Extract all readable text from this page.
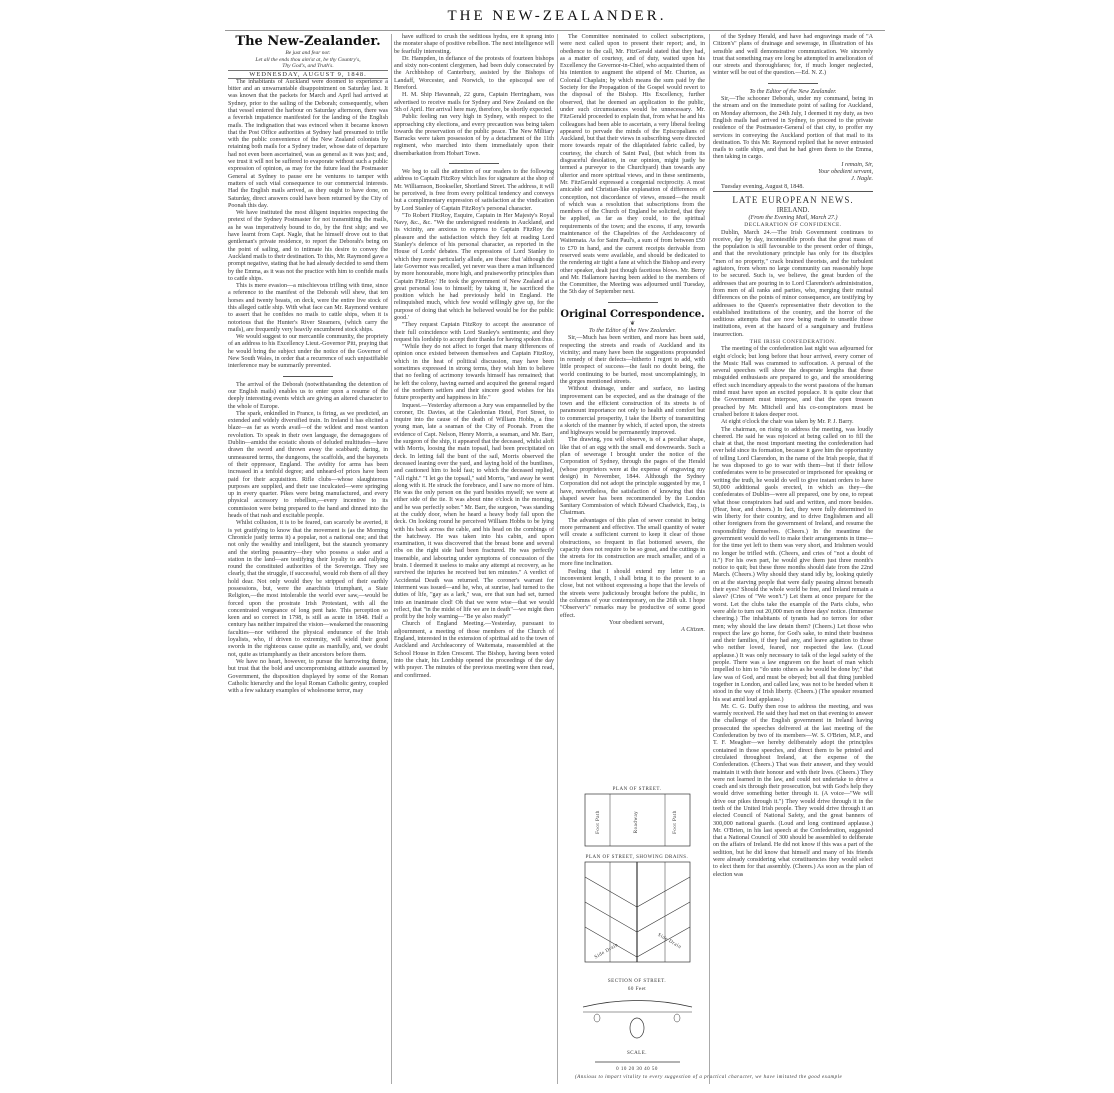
THE NEW-ZEALANDER.

The New-Zealander.

Be just and fear not:
Let all the ends thou aim'st at, be thy Country's,
Thy God's, and Truth's.

WEDNESDAY, AUGUST 9, 1848.

The inhabitants of Auckland were doomed to experience a bitter and an unwarrantable disappointment on Saturday last. It was known that the packets for March and April had arrived at Sydney, prior to the sailing of the Deborah; consequently, when that vessel entered the harbour on Saturday afternoon, there was a feverish impatience manifested for the landing of the English mails. The indignation that was evinced when it became known that the Post Office authorities at Sydney had presumed to trifle with the public convenience of the New Zealand colonists by retaining both mails for a Sydney trader, whose date of departure had not even been ascertained, was as general as it was just; and, we trust it will not be suffered to evaporate without such a public expression of opinion, as may for the future lead the Postmaster General at Sydney to pause ere he ventures to tamper with matters of such vital consequence to our commercial interests. Had the English mails arrived, as they ought to have done, on Saturday, direct answers could have been returned by the City of Poonah this day.

We have instituted the most diligent inquiries respecting the pretext of the Sydney Postmaster for not transmitting the mails, as he was imperatively bound to do, by the first ship; and we have learnt from Capt. Nagle, that he himself drove out to that gentleman's private residence, to report the Deborah's being on the point of sailing, and to intimate his desire to convey the Auckland mails to their destination. To this, Mr. Raymond gave a prompt negative, stating that he had already decided to send them by the Emma, as it was not the practice with him to confide mails to cattle ships.

This is mere evasion—a mischievous trifling with time, since a reference to the manifest of the Deborah will shew, that ten horses and twenty beasts, on deck, were the entire live stock of this alleged cattle ship. With what face can Mr. Raymond venture to assert that he confides no mails to cattle ships, when it is notorious that the Hunter's River Steamers, (which carry the mails), are frequently very heavily encumbered stock ships.

We would suggest to our mercantile community, the propriety of an address to his Excellency Lieut.-Governor Pitt, praying that he would bring the subject under the notice of the Governor of New South Wales, in order that a recurrence of such unjustifiable interference may be summarily prevented.

The arrival of the Deborah (notwithstanding the detention of our English mails) enables us to enter upon a resume of the deeply interesting events which are giving an altered character to the whole of Europe.

The spark, enkindled in France, is firing, as we predicted, an extended and widely diversified train. In Ireland it has elicited a blaze—as far as words avail—of the wildest and most wanton revolution. To speak in their own language, the demagogues of Dublin—amidst the ecstatic shouts of deluded multitudes—have drawn the sword and thrown away the scabbard; daring, in unmeasured terms, the dungeons, the scaffolds, and the bayonets of their oppressor, England. The avidity for arms has been increased in a tenfold degree; and unheard-of prices have been paid for their acquisition. Rifle clubs—whose slaughterous purposes are supplied, and their use inculcated—were springing up in every quarter. Pikes were being manufactured, and every physical accessory to rebellion,—every incentive to its commission were being prepared to the hand and dinned into the heads of that rash and excitable people.

Whilst collusion, it is to be feared, can scarcely be averted, it is yet gratifying to know that the movement is (as the Morning Chronicle justly terms it) a popular, not a national one; and that not only the wealthy and intelligent, but the staunch yeomanry and the sterling peasantry—they who possess a stake and a station in the land—are testifying their loyalty to and rallying round the constituted authorities of the Sovereign. They see clearly, that the struggle, if successful, would rob them of all they hold dear. Not only would they be stripped of their earthly possessions, but, were the anarchists triumphant, a State Religion,—the most intolerable the world ever saw,—would be forced upon the prostrate Irish Protestant, with all the concentrated vengeance of long pent hate. This perception so keen and so correct in 1798, is still as acute in 1848. Half a century has neither impaired the vision—weakened the reasoning faculties—nor withered the physical endurance of the Irish loyalists, who, if driven to extremity, will wield their good swords in the righteous cause quite as manfully, and, we doubt not, quite as triumphantly as their ancestors before them.

We have no heart, however, to pursue the harrowing theme, but trust that the bold and uncompromising attitude assumed by Government, the disposition displayed by some of the Roman Catholic hierarchy and the loyal Roman Catholic gentry, coupled with a few salutary examples of wholesome terror, may

have sufficed to crush the seditious hydra, ere it sprang into the monster shape of positive rebellion. The next intelligence will be fearfully interesting.

Dr. Hampden, in defiance of the protests of fourteen bishops and sixty non-content clergymen, had been duly consecrated by the Archbishop of Canterbury, assisted by the Bishops of Landaff, Worcester, and Norwich, to the episcopal see of Hereford.

H. M. Ship Havannah, 22 guns, Captain Herringham, was advertised to receive mails for Sydney and New Zealand on the 5th of April. Her arrival here may, therefore, be shortly expected.

Public feeling ran very high in Sydney, with respect to the approaching city elections, and every precaution was being taken towards the preservation of the public peace. The New Military Barracks were taken possession of by a detachment of the 11th regiment, who marched into them immediately upon their disembarkation from Hobart Town.

We beg to call the attention of our readers to the following address to Captain FitzRoy which lies for signature at the shop of Mr. Williamson, Bookseller, Shortland Street. The address, it will be perceived, is free from every political tendency and conveys but a complimentary expression of satisfaction at the vindication by Lord Stanley of Captain FitzRoy's personal character.

"To Robert FitzRoy, Esquire, Captain in Her Majesty's Royal Navy, &c., &c. "We the undersigned residents in Auckland, and its vicinity, are anxious to express to Captain FitzRoy the pleasure and the satisfaction which they felt at reading Lord Stanley's defence of his personal character, as reported in the House of Lords' debates. The expressions of Lord Stanley to which they more particularly allude, are these: that 'although the late Governor was recalled, yet never was there a man influenced by more honourable, more high, and praiseworthy principles than Captain FitzRoy.' He took the government of New Zealand at a great personal loss to himself; by taking it, he sacrificed the position which he had previously held in England. He relinquished much, which few would willingly give up, for the purpose of doing that which he believed would be for the public good.'

"They request Captain FitzRoy to accept the assurance of their full coincidence with Lord Stanley's sentiments; and they request his lordship to accept their thanks for having spoken thus.

"While they do not affect to forget that many differences of opinion once existed between themselves and Captain FitzRoy, which in the heat of political discussion, may have been sometimes expressed in strong terms, they wish him to believe that no feeling of acrimony towards himself has remained; that he left the colony, having earned and acquired the general regard of the northern settlers and their sincere good wishes for his future prosperity and happiness in life."

Inquest.—Yesterday afternoon a Jury was empannelled by the coroner, Dr. Davies, at the Caledonian Hotel, Fort Street, to inquire into the cause of the death of William Hobbs, a fine young man, late a seaman of the City of Poonah. From the evidence of Capt. Nelson, Henry Morris, a seaman, and Mr. Barr, the surgeon of the ship, it appeared that the deceased, whilst aloft with Morris, loosing the main topsail, had been precipitated on deck. In letting fall the bunt of the sail, Morris observed the deceased leaning over the yard, and laying hold of the buntlines, and cautioned him to hold fast; to which the deceased replied, "All right." "I let go the topsail," said Morris, "and away he went along with it. He struck the forebrace, and I saw no more of him. He was the only person on the yard besides myself; we were at either side of the tie. It was about nine o'clock in the morning, and he was perfectly sober." Mr. Barr, the surgeon, "was standing at the cuddy door, when he heard a heavy body fall upon the deck. On looking round he perceived William Hobbs to be lying with his back across the cable, and his head on the combings of the hatchway. He was taken into his cabin, and upon examination, it was discovered that the breast bone and several ribs on the right side had been fractured. He was perfectly insensible, and labouring under symptoms of concussion of the brain. I deemed it useless to make any attempt at recovery, as he survived the injuries he received but ten minutes." A verdict of Accidental Death was returned. The coroner's warrant for interment was issued—and he, who, at sunrise, had turned to the duties of life, "gay as a lark," was, ere that sun had set, turned into an inanimate clod! Oh that we were wise—that we would reflect, that "in the midst of life we are in death"—we might then profit by the holy warning—"Be ye also ready!"

Church of England Meeting.—Yesterday, pursuant to adjournment, a meeting of those members of the Church of England, interested in the extension of spiritual aid to the town of Auckland and Archdeaconry of Waitemata, reassembled at the School House in Eden Crescent. The Bishop, having been voted into the chair, his Lordship opened the proceedings of the day with prayer. The minutes of the previous meeting were then read, and confirmed.

The Committee nominated to collect subscriptions, were next called upon to present their report; and, in obedience to the call, Mr. FitzGerald stated that they had, as a matter of courtesy, and of duty, waited upon his Excellency the Governor-in-Chief, who acquainted them of his intention to augment the stipend of Mr. Churton, as Colonial Chaplain; by which means the sum paid by the Society for the Propagation of the Gospel would revert to the disposal of the Bishop. His Excellency, further observed, that he deemed an application to the public, under such circumstances would be unnecessary. Mr. FitzGerald proceeded to explain that, from what he and his colleagues had been able to ascertain, a very liberal feeling appeared to pervade the minds of the Episcopalians of Auckland, but that their views in subscribing were directed more towards repair of the dilapidated fabric called, by courtesy, the church of Saint Paul, (but which from its disgraceful desolation, in our opinion, might justly be termed a purveyor to the Churchyard) than towards any ulterior and more spiritual views, and in these sentiments, Mr. FitzGerald expressed a congenial reciprocity. A most amicable and Christian-like explanation of differences of conception, not discordance of views, ensued—the result of which was a resolution that subscriptions from the members of the Church of England be solicited, that they be applied, as far as they could, to the spiritual requirements of the town; and the excess, if any, towards maintenance of the Chapelries of the Archdeaconry of Waitemata. As for Saint Paul's, a sum of from between £50 to £70 in hand, and the current receipts derivable from reserved seats were available, and should be dedicated to the rendering air tight a fane at which the Bishop and every other speaker, dealt just though facetious blows. Mr. Berry and Mr. Hallamore having been added to the members of the Committee, the Meeting was adjourned until Tuesday, the 5th day of September next.

Original Correspondence.

❦

To the Editor of the New Zealander.

Sir,—Much has been written, and more has been said, respecting the streets and roads of Auckland and its vicinity; and many have been the suggestions propounded in remedy of their defects—hitherto I regret to add, with little prospect of success—the fault no doubt being, the world continuing to be buried, most uncomplainingly, in the gorges mentioned streets.

Without drainage, under and surface, no lasting improvement can be expected, and as the drainage of the town and the efficient construction of its streets is of paramount importance not only to health and comfort but to commercial prosperity, I take the liberty of transmitting a sketch of the manner by which, if acted upon, the streets and highways would be permanently improved.

The drawing, you will observe, is of a peculiar shape, like that of an egg with the small end downwards. Such a plan of sewerage I brought under the notice of the Corporation of Sydney, through the pages of the Herald (whose proprietors were at the expense of engraving my design) in November, 1844. Although the Sydney Corporation did not adopt the principle suggested by me, I have, nevertheless, the satisfaction of knowing that this shaped sewer has been recommended by the London Sanitary Commission of which Edward Chadwick, Esq., is Chairman.

The advantages of this plan of sewer consist in being more permanent and effective. The small quantity of water will create a sufficient current to keep it clear of those obstructions, so frequent in flat bottomed sewers, the capacity does not require to be so great, and the cuttings in the streets for its construction are much smaller, and of a more fine inclination.

Feeling that I should extend my letter to an inconvenient length, I shall bring it to the present to a close, but not without expressing a hope that the levels of the streets were judiciously brought before the public, in the columns of your contemporary, on the 26th ult. I hope "Observer's" remarks may be productive of some good effect.

Your obedient servant,

A Citizen.

PLAN OF STREET.
Foot Path	Roadway	Foot Path
PLAN OF STREET, SHOWING DRAINS.
Side Drain
Side Drain
SECTION OF STREET.
60 Feet
SCALE.
0 10 20 30 40 50
(Anxious to impart vitality to every suggestion of a practical character, we have imitated the good example

of the Sydney Herald, and have had engravings made of "A Citizen's" plans of drainage and sewerage, in illustration of his sensible and well demonstrative communication. We sincerely trust that something may ere long be attempted in amelioration of our streets and thoroughfares; for, if much longer neglected, winter will be out of the question.—Ed. N. Z.)

To the Editor of the New Zealander.

Sir,—The schooner Deborah, under my command, being in the stream and on the immediate point of sailing for Auckland, on Monday afternoon, the 24th July, I deemed it my duty, as two English mails had arrived in Sydney, to proceed to the private residence of the Postmaster-General of that city, to proffer my services in conveying the Auckland portion of that mail to its destination. To this Mr. Raymond replied that he never entrusted mails to cattle ships, and that he had given them to the Emma, then taking in cargo.

I remain, Sir,
Your obedient servant,

J. Nagle.

Tuesday evening, August 8, 1848.

LATE EUROPEAN NEWS.

IRELAND.

(From the Evening Mail, March 27.)

DECLARATION OF CONFIDENCE.

Dublin, March 24.—The Irish Government continues to receive, day by day, incontestible proofs that the great mass of the population is still favourable to the present order of things, and that the revolutionary principle has only for its disciples "men of no property," crack brained theorists, and the turbulent agitators, from whom no large community can reasonably hope to be secured. Such is, we believe, the great burden of the addresses that are pouring in to Lord Clarendon's administration, from men of all ranks and parties, who, merging their mutual differences on the points of minor consequence, are testifying by addresses to the Queen's representative their devotion to the established institutions of the country, and the horror of the seditious attempts that are now being made to unsettle those institutions, even at the hazard of a sanguinary and fruitless insurrection.

THE IRISH CONFEDERATION.

The meeting of the confederation last night was adjourned for eight o'clock; but long before that hour arrived, every corner of the Music Hall was crammed to suffocation. A perusal of the several speeches will show the desperate lengths that these misguided enthusiasts are prepared to go, and the smouldering effect such incendiary appeals to the worst passions of the human mind must have upon an excited populace. It is quite clear that the Government must interpose, and that the open treason preached by Mr. Mitchell and his co-conspirators must be crushed before it takes deeper root.

At eight o'clock the chair was taken by Mr. P. J. Barry.

The chairman, on rising to address the meeting, was loudly cheered. He said he was rejoiced at being called on to fill the chair at that, the most important meeting the confederation had ever held since its formation, because it gave him the opportunity of telling Lord Clarendon, in the name of the Irish people, that if he was disposed to go to war with them—but if their fellow confederates were to be prosecuted or imprisoned for speaking or writing the truth, he would do well to give instant orders to have 50,000 additional gaols erected, in which as they—the confederates of Dublin—were all prepared, one by one, to repeat what those conspirators had said and written, and more besides. (Hear, hear, and cheers.) In fact, they were fully determined to win liberty for their country, and to drive Englishmen and all other foreigners from the government of Ireland, and resume the responsibility themselves. (Cheers.) In the meantime the government would do well to make their arrangements in time—for the time yet left to them was very short, and Irishmen would no longer be trifled with. (Cheers, and cries of "not a doubt of it.") For his own part, he would give them just three month's notice to quit; but these three months should date from the 22nd March. (Cheers.) Why should they stand idly by, looking quietly on at the starving people that were daily passing almost beneath their eyes? Should the whole world be free, and Ireland remain a slave? (Cries of "We won't.") Let them at once prepare for the worst. Let the clubs take the example of the Paris clubs, who were able to turn out 20,000 men on three days' notice. (Immense cheering.) The inhabitants of tyrants had no terrors for other men; why should the law detain them? (Cheers.) Let those who respect the law go home, for God's sake, to mind their business and their families, if they had any, and leave agitation to those who neither loved, feared, nor respected the law. (Loud applause.) It was only necessary to talk of the legal safety of the people. There was a law engraven on the heart of man which impelled to him to "do unto others as he would be done by;" that law was of God, and must be obeyed; but all that thing jumbled together in London, and called law, was not to be heeded when it stood in the way of Irish liberty. (Cheers.) (The speaker resumed his seat amid loud applause.)

Mr. C. G. Duffy then rose to address the meeting, and was warmly received. He said they had met on that evening to answer the challenge of the English government in Ireland having prosecuted the speeches delivered at the last meeting of the Confederation by two of its members—W. S. O'Brien, M.P., and T. F. Meagher—we hereby deliberately adopt the principles contained in those speeches, and direct them to be printed and circulated throughout Ireland, at the expense of the Confederation. (Cheers.) That was their answer, and they would maintain it with their honour and with their lives. (Cheers.) They were not learned in the law, and could not undertake to drive a coach and six through their prosecution, but with God's help they would drive something better through it. (A voice—"We will drive our pikes through it.") They would drive through it in the teeth of the United Irish people. They would drive through it an elected Council of National Safety, and the great banners of 300,000 national guards. (Loud and long continued applause.) Mr. O'Brien, in his last speech at the Confederation, suggested that a National Council of 300 should be assembled to deliberate on the affairs of Ireland. He did not know if this was a part of the sedition, but he did know that himself and many of his friends were already considering what constituencies they would select to elect them for that assembly. (Cheers.) As soon as the plan of election was
